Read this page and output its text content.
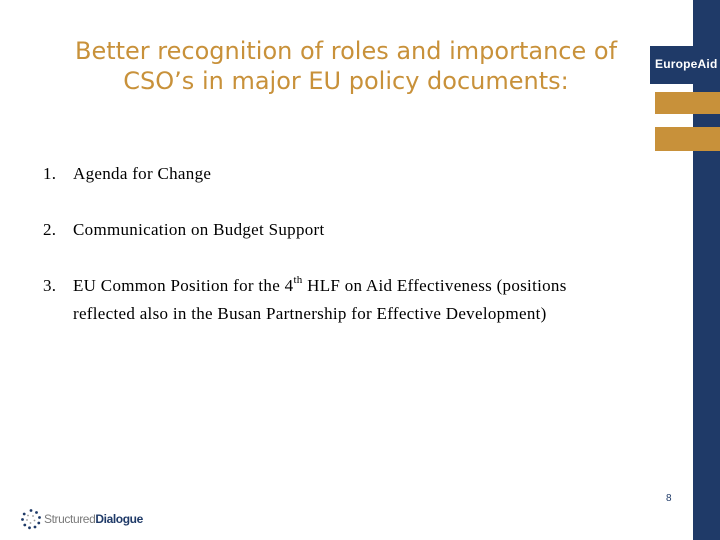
EuropeAid
Better recognition of roles and importance of
CSO’s in major EU policy documents:
1. Agenda for Change
2. Communication on Budget Support
3. EU Common Position for the 4th HLF on Aid Effectiveness (positions
reflected also in the Busan Partnership for Effective Development)
8
Structured Dialogue
